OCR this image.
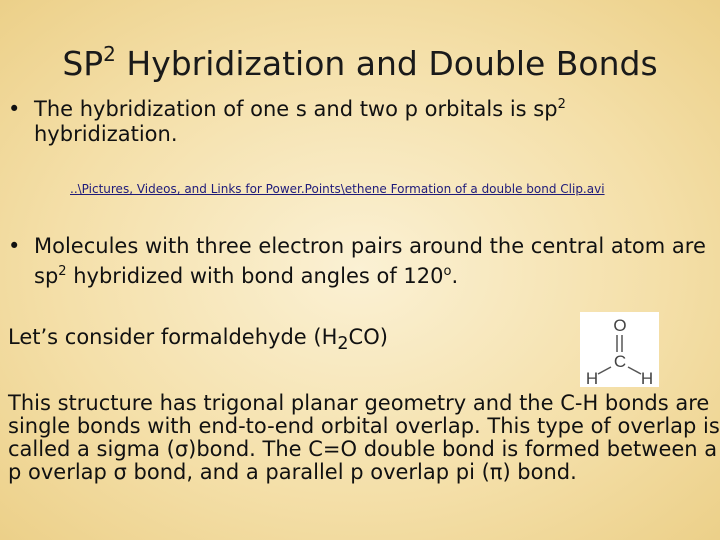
$SP^2$ Hybridization and Double Bonds
• The hybridization of one s and two p orbitals is $sp^2$
hybridization.
..\Pictures, Videos, and Links for Power.Points\ethene Formation of a double bond Clip.avi
• Molecules with three electron pairs around the central atom are $sp^2$ hybridized with bond angles of 120$^o$.
Let’s consider formaldehyde $(H_2CO)$	O
C
H	H
This structure has trigonal planar geometry and the C-H bonds are single bonds with end-to-end orbital overlap. This type of overlap is called a sigma (σ)bond. The C=O double bond is formed between a p overlap σ bond, and a parallel p overlap pi (π) bond.
